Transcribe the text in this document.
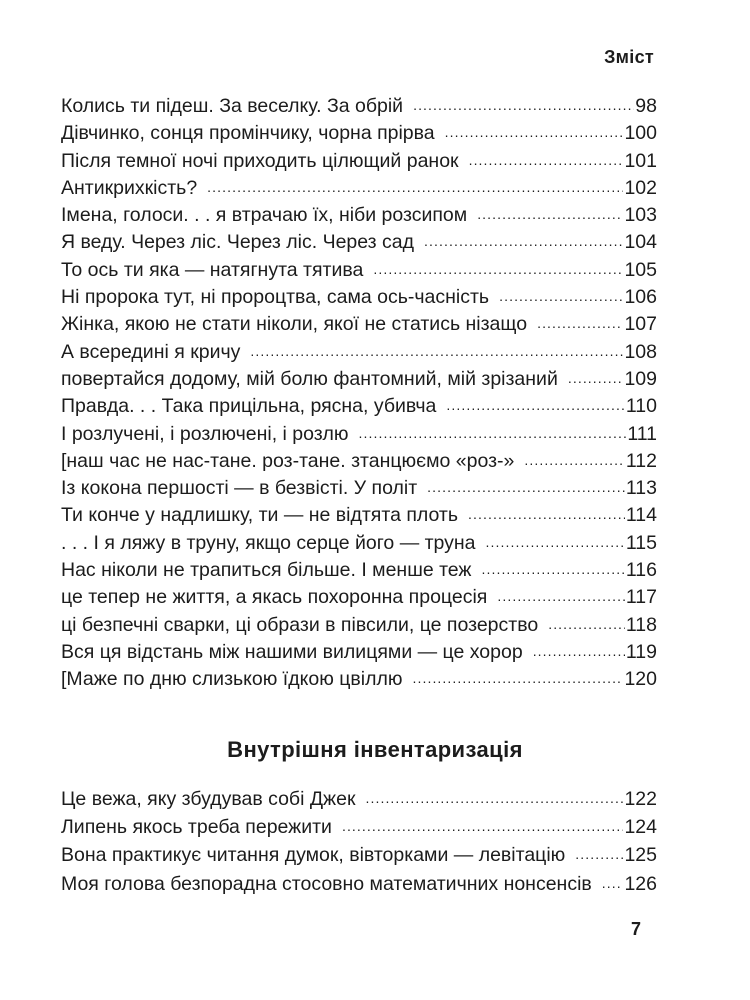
Зміст
Колись ти підеш. За веселку. За обрій .....	98
Дівчинко, сонця промінчику, чорна прірва .....	100
Після темної ночі приходить цілющий ранок .....	101
Антикрихкість? .....	102
Імена, голоси. . . я втрачаю їх, ніби розсипом .....	103
Я веду. Через ліс. Через ліс. Через сад .....	104
То ось ти яка — натягнута тятива .....	105
Ні пророка тут, ні пророцтва, сама ось-часність .....	106
Жінка, якою не стати ніколи, якої не статись нізащо .....	107
А всередині я кричу .....	108
повертайся додому, мій болю фантомний, мій зрізаний .....	109
Правда. . . Така прицільна, рясна, убивча .....	110
І розлучені, і розлючені, і розлю .....	111
[наш час не нас-тане. роз-тане. зтанцюємо «роз-» .....	112
Із кокона першості — в безвісті. У політ .....	113
Ти конче у надлишку, ти — не відтята плоть .....	114
. . . І я ляжу в труну, якщо серце його — труна .....	115
Нас ніколи не трапиться більше. І менше теж .....	116
це тепер не життя, а якась похоронна процесія .....	117
ці безпечні сварки, ці образи в півсили, це позерство .....	118
Вся ця відстань між нашими вилицями — це хорор .....	119
[Маже по дню слизькою їдкою цвіллю .....	120
Внутрішня інвентаризація
Це вежа, яку збудував собі Джек .....	122
Липень якось треба пережити .....	124
Вона практикує читання думок, вівторками — левітацію .....	125
Моя голова безпорадна стосовно математичних нонсенсів .....	126
7
